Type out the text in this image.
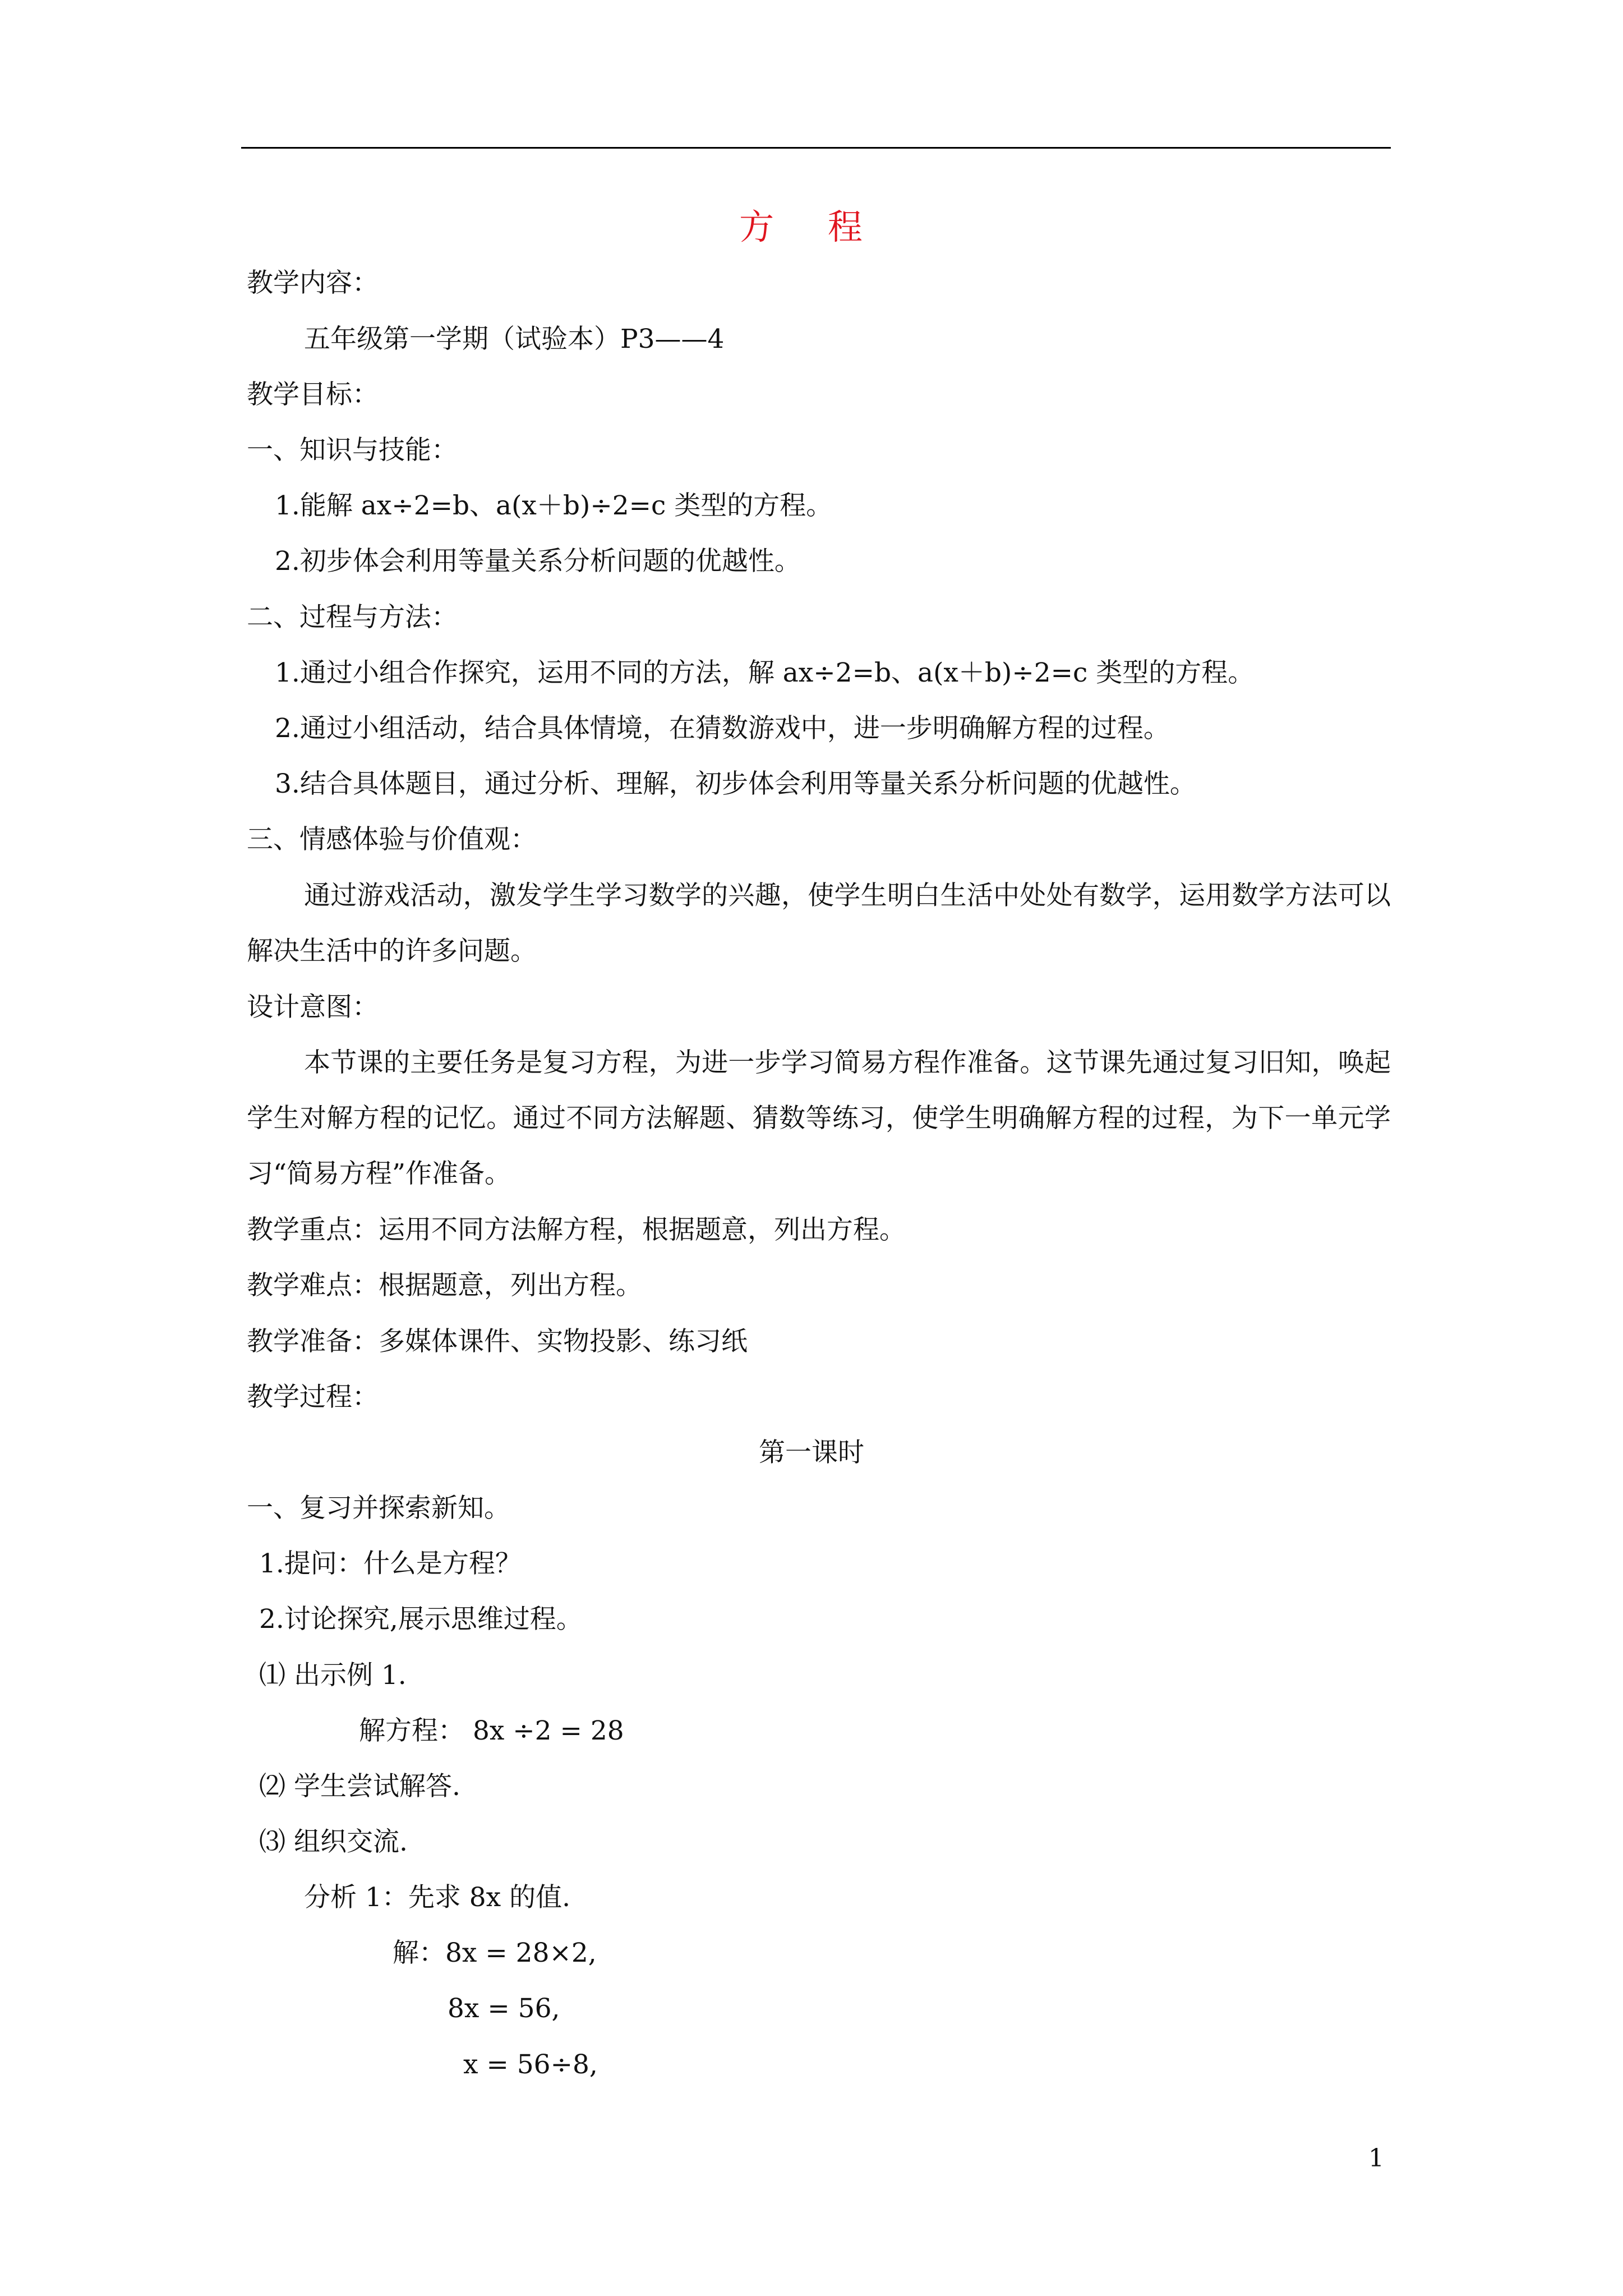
方 程
教学内容：
五年级第一学期（试验本）P3——4
教学目标：
一、知识与技能：
1.能解 ax÷2=b、a(x＋b)÷2=c 类型的方程。
2.初步体会利用等量关系分析问题的优越性。
二、过程与方法：
1.通过小组合作探究，运用不同的方法，解 ax÷2=b、a(x＋b)÷2=c 类型的方程。
2.通过小组活动，结合具体情境，在猜数游戏中，进一步明确解方程的过程。
3.结合具体题目，通过分析、理解，初步体会利用等量关系分析问题的优越性。
三、情感体验与价值观：
通过游戏活动，激发学生学习数学的兴趣，使学生明白生活中处处有数学，运用数学方法可以解决生活中的许多问题。
设计意图：
本节课的主要任务是复习方程，为进一步学习简易方程作准备。这节课先通过复习旧知，唤起学生对解方程的记忆。通过不同方法解题、猜数等练习，使学生明确解方程的过程，为下一单元学习“简易方程”作准备。
教学重点：运用不同方法解方程，根据题意，列出方程。
教学难点：根据题意，列出方程。
教学准备：多媒体课件、实物投影、练习纸
教学过程：
第一课时
一、复习并探索新知。
1.提问：什么是方程？
2.讨论探究,展示思维过程。
⑴ 出示例 1.
解方程： 8x ÷2 = 28
⑵ 学生尝试解答.
⑶ 组织交流.
分析 1：先求 8x 的值.
解：8x = 28×2,
8x = 56,
x = 56÷8,
1
